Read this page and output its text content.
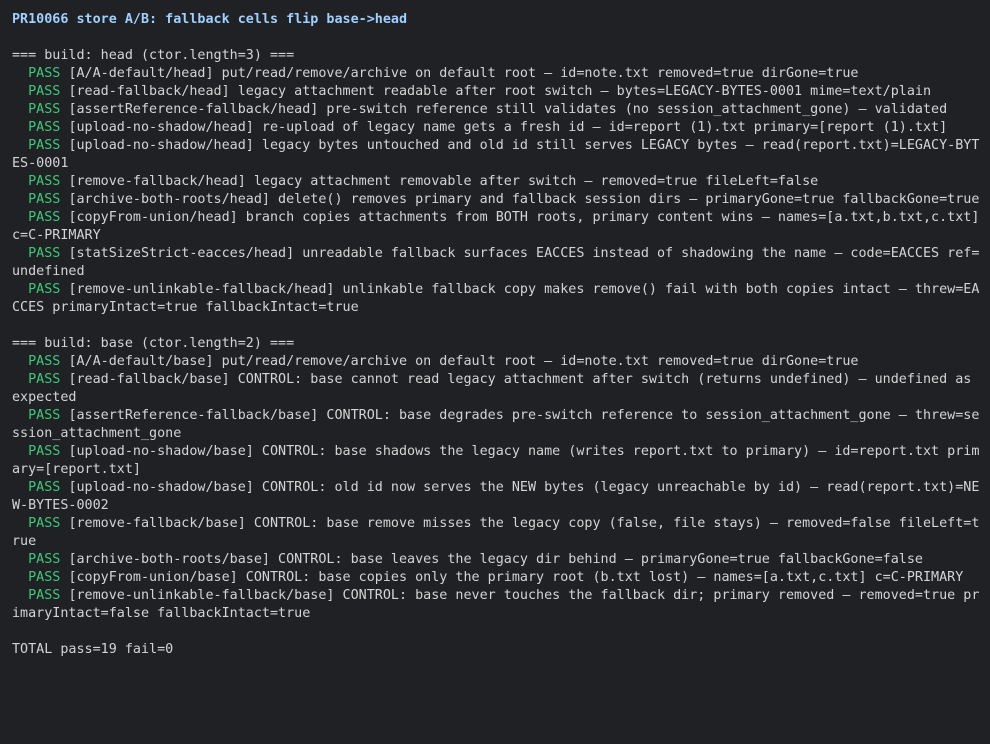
PR10066 store A/B: fallback cells flip base->head
=== build: head (ctor.length=3) ===
PASS [A/A-default/head] put/read/remove/archive on default root — id=note.txt removed=true dirGone=true
PASS [read-fallback/head] legacy attachment readable after root switch — bytes=LEGACY-BYTES-0001 mime=text/plain
PASS [assertReference-fallback/head] pre-switch reference still validates (no session_attachment_gone) — validated
PASS [upload-no-shadow/head] re-upload of legacy name gets a fresh id — id=report (1).txt primary=[report (1).txt]
PASS [upload-no-shadow/head] legacy bytes untouched and old id still serves LEGACY bytes — read(report.txt)=LEGACY-BYTES-0001
PASS [remove-fallback/head] legacy attachment removable after switch — removed=true fileLeft=false
PASS [archive-both-roots/head] delete() removes primary and fallback session dirs — primaryGone=true fallbackGone=true
PASS [copyFrom-union/head] branch copies attachments from BOTH roots, primary content wins — names=[a.txt,b.txt,c.txt] c=C-PRIMARY
PASS [statSizeStrict-eacces/head] unreadable fallback surfaces EACCES instead of shadowing the name — code=EACCES ref=undefined
PASS [remove-unlinkable-fallback/head] unlinkable fallback copy makes remove() fail with both copies intact — threw=EACCES primaryIntact=true fallbackIntact=true
=== build: base (ctor.length=2) ===
PASS [A/A-default/base] put/read/remove/archive on default root — id=note.txt removed=true dirGone=true
PASS [read-fallback/base] CONTROL: base cannot read legacy attachment after switch (returns undefined) — undefined as expected
PASS [assertReference-fallback/base] CONTROL: base degrades pre-switch reference to session_attachment_gone — threw=session_attachment_gone
PASS [upload-no-shadow/base] CONTROL: base shadows the legacy name (writes report.txt to primary) — id=report.txt primary=[report.txt]
PASS [upload-no-shadow/base] CONTROL: old id now serves the NEW bytes (legacy unreachable by id) — read(report.txt)=NEW-BYTES-0002
PASS [remove-fallback/base] CONTROL: base remove misses the legacy copy (false, file stays) — removed=false fileLeft=true
PASS [archive-both-roots/base] CONTROL: base leaves the legacy dir behind — primaryGone=true fallbackGone=false
PASS [copyFrom-union/base] CONTROL: base copies only the primary root (b.txt lost) — names=[a.txt,c.txt] c=C-PRIMARY
PASS [remove-unlinkable-fallback/base] CONTROL: base never touches the fallback dir; primary removed — removed=true primaryIntact=false fallbackIntact=true
TOTAL pass=19 fail=0
